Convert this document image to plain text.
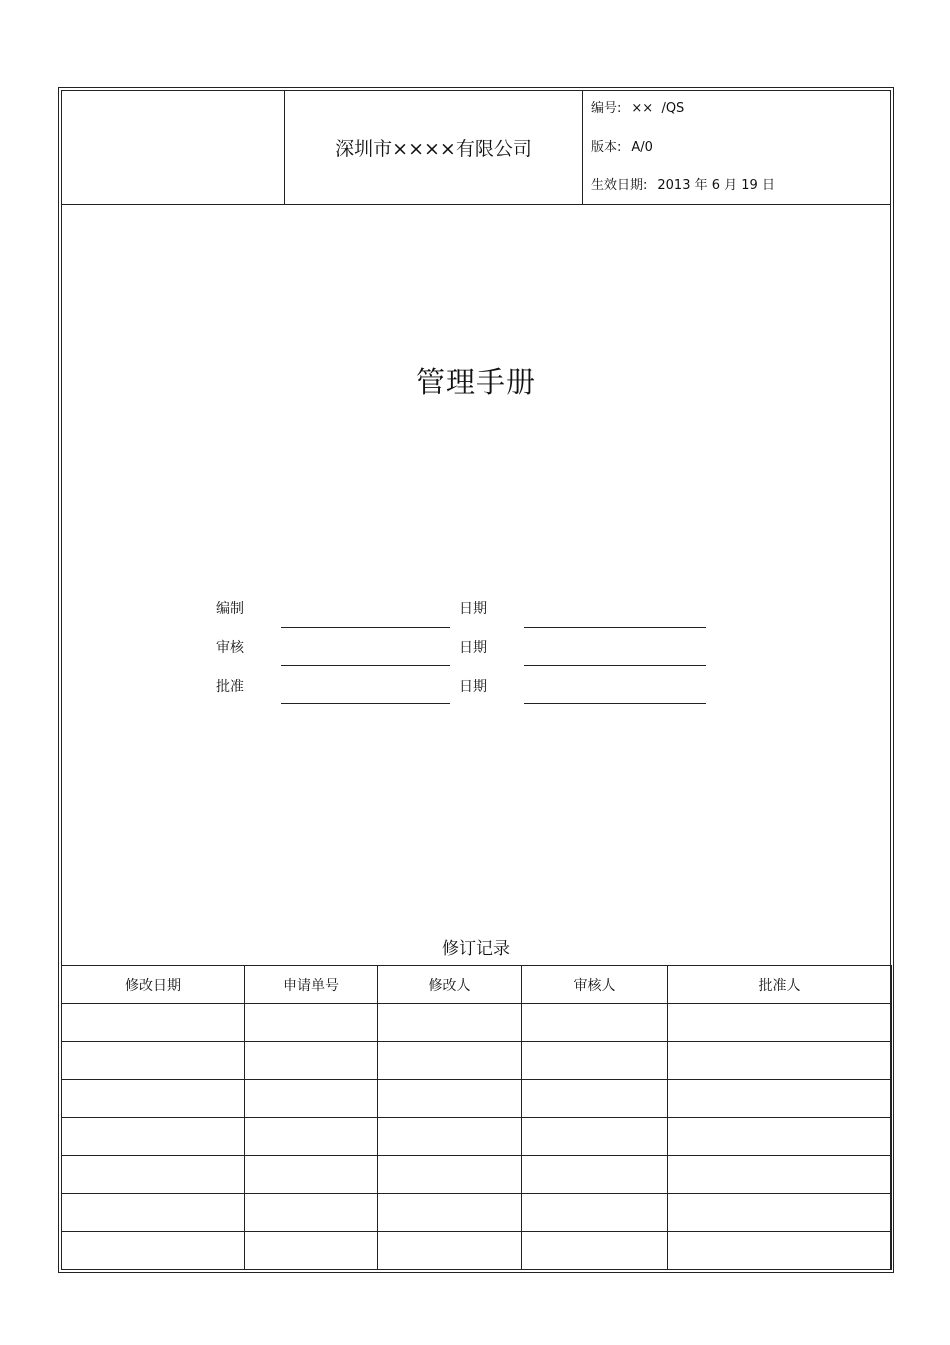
深圳市××××有限公司
编号: ××  /QS
版本: A/0
生效日期: 2013 年 6 月 19 日
管理手册
编制	日期
审核	日期
批准	日期
修订记录
修改日期	申请单号	修改人	审核人	批准人
